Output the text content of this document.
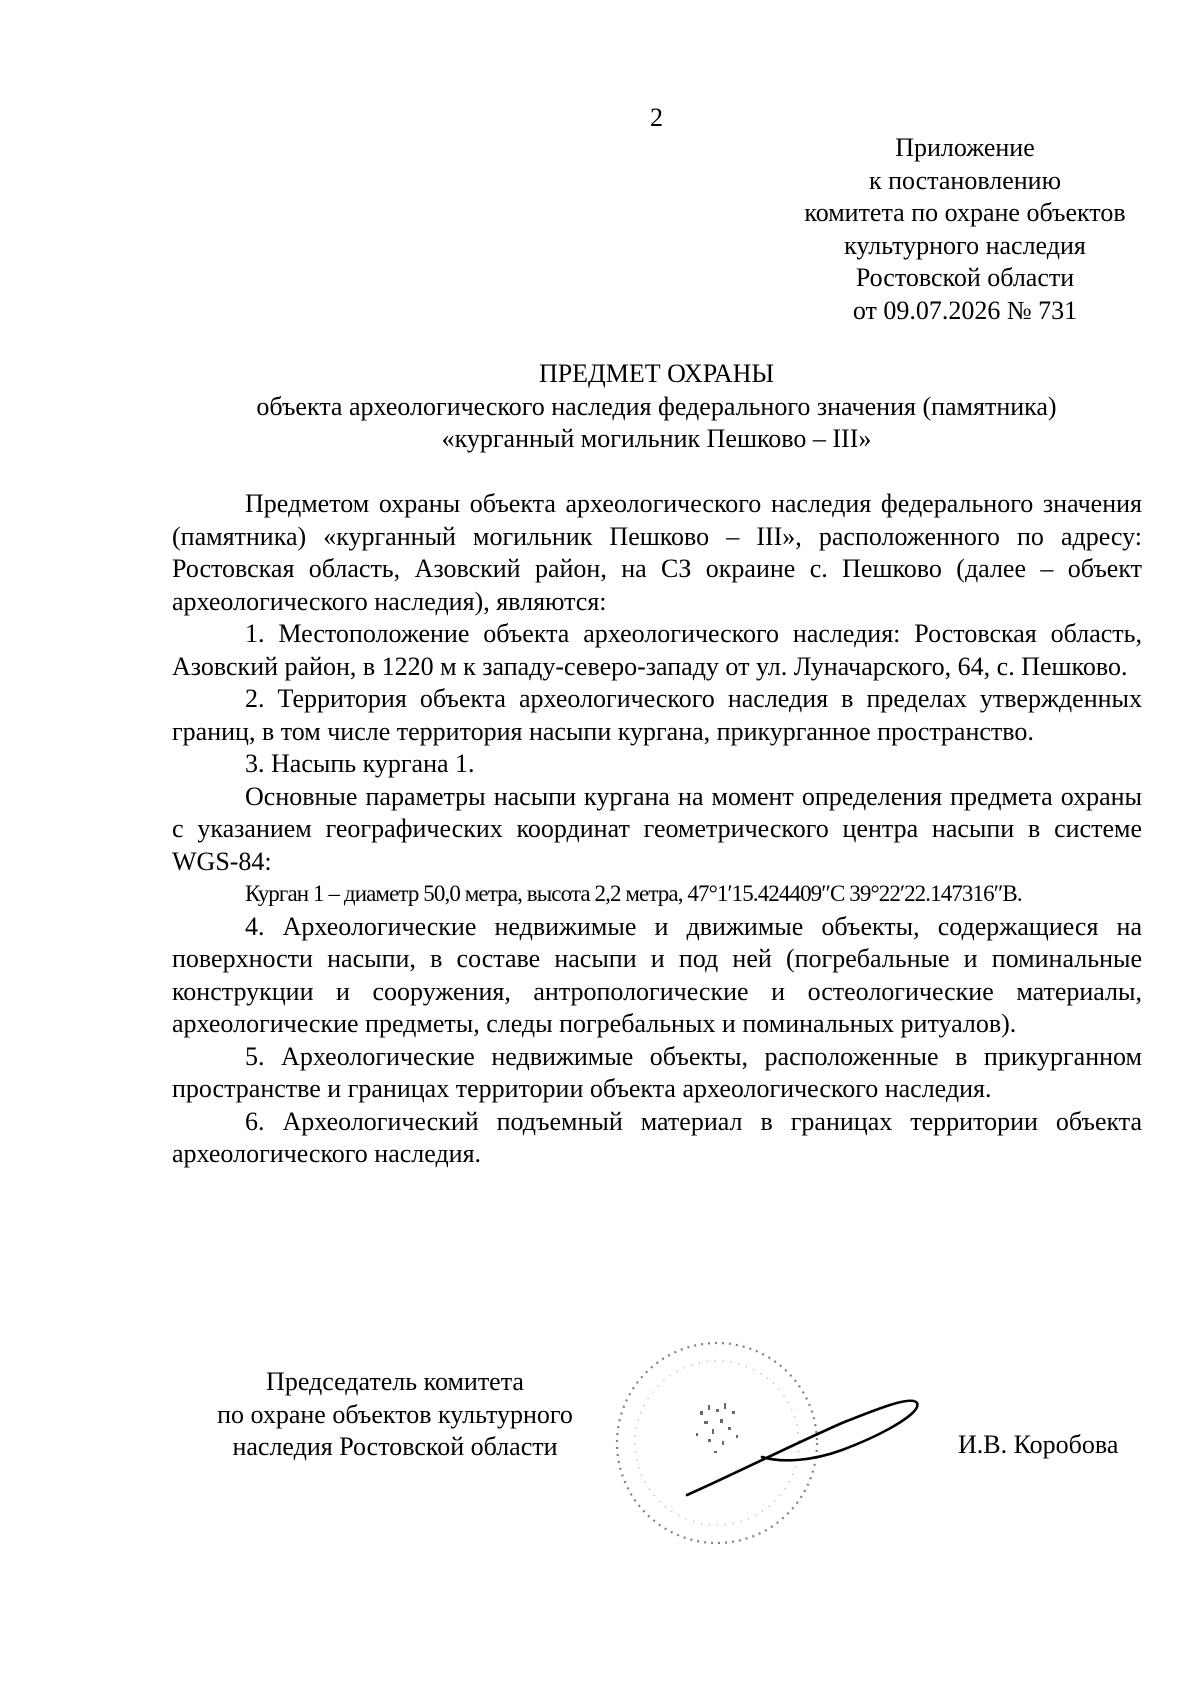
2
Приложение
к постановлению
комитета по охране объектов
культурного наследия
Ростовской области
от 09.07.2026 № 731
ПРЕДМЕТ ОХРАНЫ
объекта археологического наследия федерального значения (памятника)
«курганный могильник Пешково – III»

Предметом охраны объекта археологического наследия федерального значения (памятника) «курганный могильник Пешково – III», расположенного по адресу: Ростовская область, Азовский район, на СЗ окраине с. Пешково (далее – объект археологического наследия), являются:

1. Местоположение объекта археологического наследия: Ростовская область, Азовский район, в 1220 м к западу-северо-западу от ул. Луначарского, 64, с. Пешково.

2. Территория объекта археологического наследия в пределах утвержденных границ, в том числе территория насыпи кургана, прикурганное пространство.

3. Насыпь кургана 1.

Основные параметры насыпи кургана на момент определения предмета охраны с указанием географических координат геометрического центра насыпи в системе WGS-84:

Курган 1 – диаметр 50,0 метра, высота 2,2 метра, 47°1′15.424409″С 39°22′22.147316″В.

4. Археологические недвижимые и движимые объекты, содержащиеся на поверхности насыпи, в составе насыпи и под ней (погребальные и поминальные конструкции и сооружения, антропологические и остеологические материалы, археологические предметы, следы погребальных и поминальных ритуалов).

5. Археологические недвижимые объекты, расположенные в прикурганном пространстве и границах территории объекта археологического наследия.

6. Археологический подъемный материал в границах территории объекта археологического наследия.

Председатель комитета
по охране объектов культурного
наследия Ростовской области	И.В. Коробова
